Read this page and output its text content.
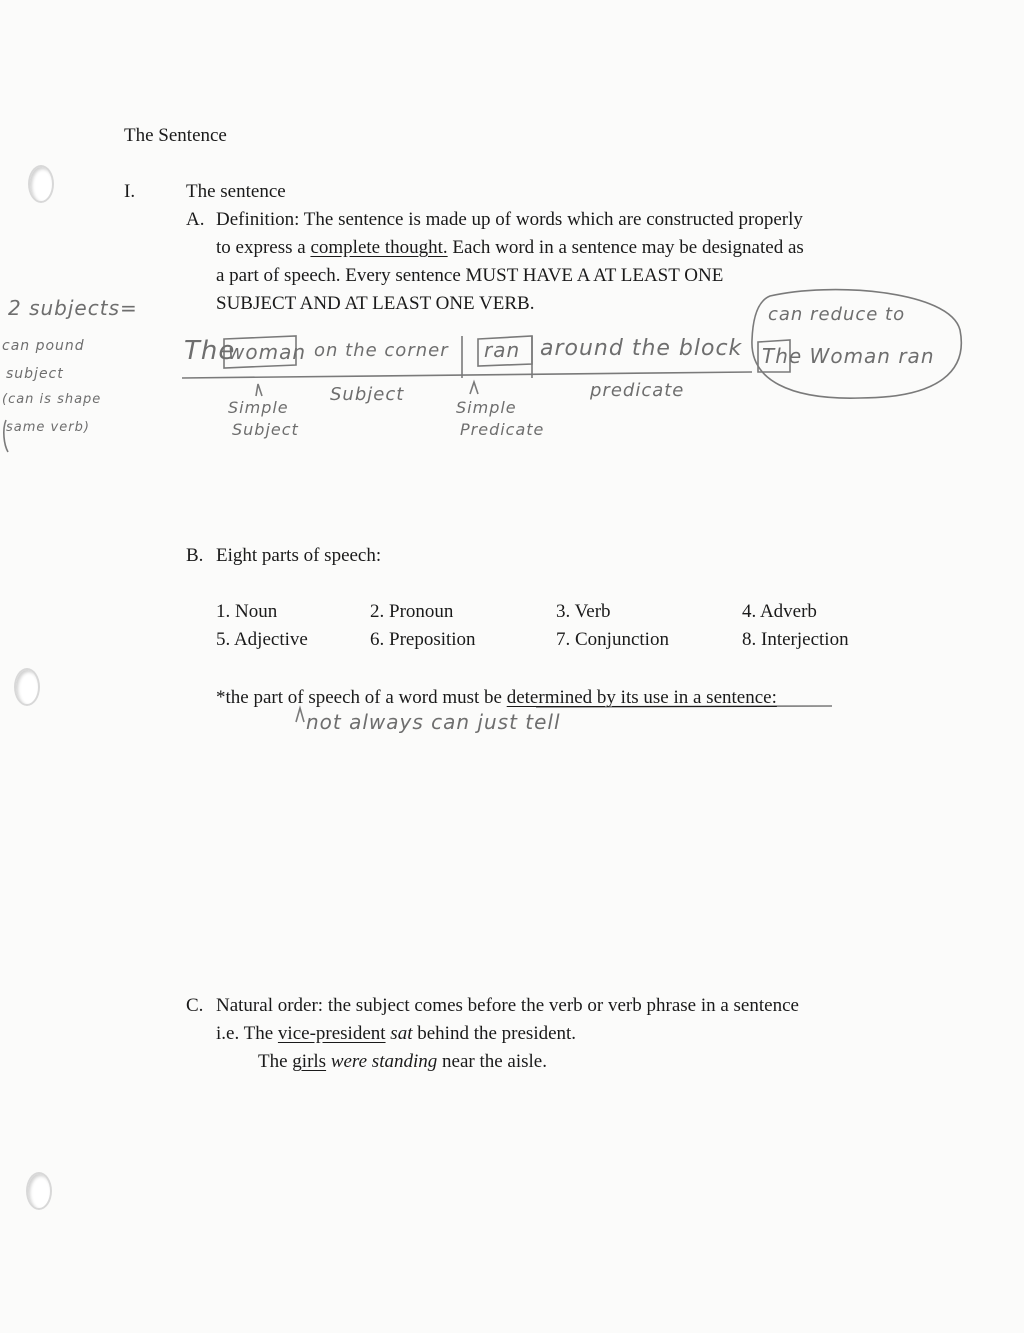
The Sentence
I.	The sentence
A. Definition: The sentence is made up of words which are constructed properly
to express a complete thought. Each word in a sentence may be designated as
a part of speech. Every sentence MUST HAVE A AT LEAST ONE
SUBJECT AND AT LEAST ONE VERB.
2 subjects=
can pound
subject
(can is shape
same verb)
The
woman on the corner ran around the block
Subject	predicate
Simple
Subject
Simple
Predicate
can reduce to
The Woman ran
B. Eight parts of speech:
1. Noun	2. Pronoun	3. Verb	4. Adverb
5. Adjective	6. Preposition	7. Conjunction	8. Interjection
*the part of speech of a word must be determined by its use in a sentence:
not always can just tell
C. Natural order: the subject comes before the verb or verb phrase in a sentence
i.e. The vice-president sat behind the president.
The girls were standing near the aisle.
